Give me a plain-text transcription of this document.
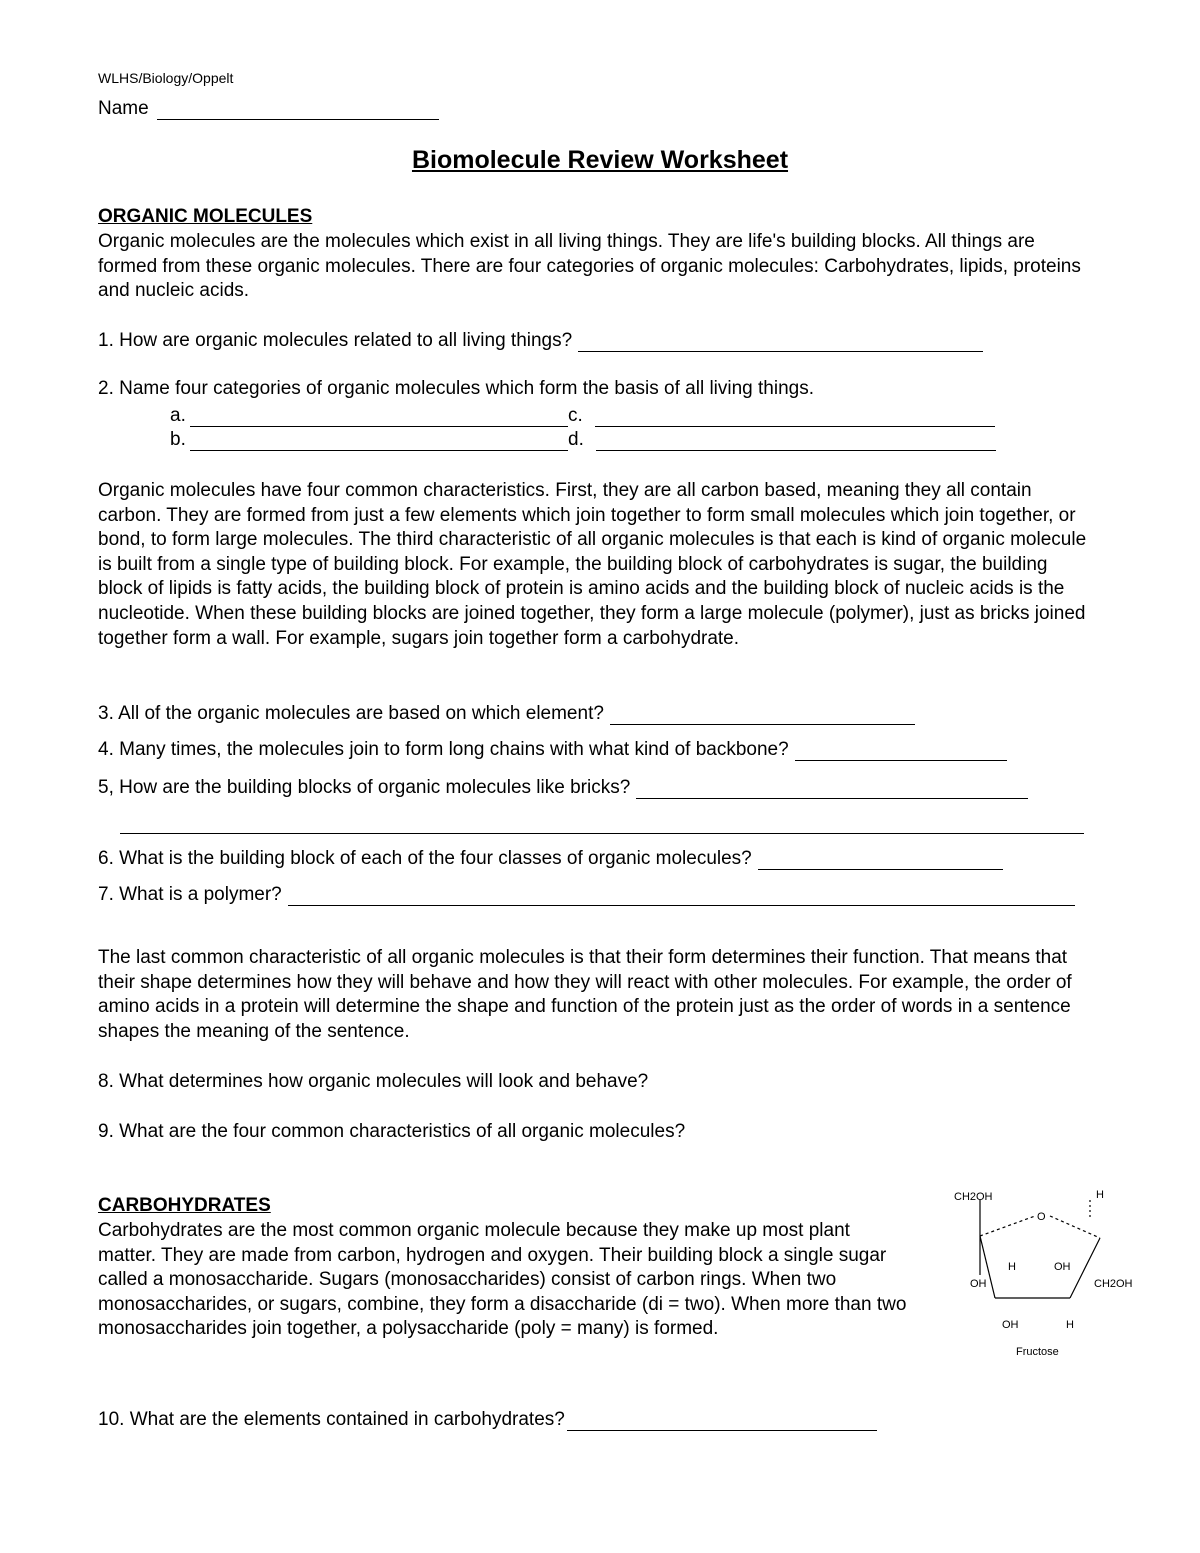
WLHS/Biology/Oppelt
Name
Biomolecule Review Worksheet
ORGANIC MOLECULES
Organic molecules are the molecules which exist in all living things. They are life's building blocks. All things are formed from these organic molecules. There are four categories of organic molecules: Carbohydrates, lipids, proteins and nucleic acids.
1. How are organic molecules related to all living things?
2. Name four categories of organic molecules which form the basis of all living things.
a.	c.
b.	d.
Organic molecules have four common characteristics. First, they are all carbon based, meaning they all contain carbon. They are formed from just a few elements which join together to form small molecules which join together, or bond, to form large molecules. The third characteristic of all organic molecules is that each is kind of organic molecule is built from a single type of building block. For example, the building block of carbohydrates is sugar, the building block of lipids is fatty acids, the building block of protein is amino acids and the building block of nucleic acids is the nucleotide. When these building blocks are joined together, they form a large molecule (polymer), just as bricks joined together form a wall. For example, sugars join together form a carbohydrate.
3. All of the organic molecules are based on which element?
4. Many times, the molecules join to form long chains with what kind of backbone?
5, How are the building blocks of organic molecules like bricks?
6. What is the building block of each of the four classes of organic molecules?
7. What is a polymer?
The last common characteristic of all organic molecules is that their form determines their function. That means that their shape determines how they will behave and how they will react with other molecules. For example, the order of amino acids in a protein will determine the shape and function of the protein just as the order of words in a sentence shapes the meaning of the sentence.
8. What determines how organic molecules will look and behave?
9. What are the four common characteristics of all organic molecules?
CARBOHYDRATES
Carbohydrates are the most common organic molecule because they make up most plant matter. They are made from carbon, hydrogen and oxygen. Their building block a single sugar called a monosaccharide. Sugars (monosaccharides) consist of carbon rings. When two monosaccharides, or sugars, combine, they form a disaccharide (di = two). When more than two monosaccharides join together, a polysaccharide (poly = many) is formed.
10. What are the elements contained in carbohydrates?
CH2OH	H
O
H	OH
OH	CH2OH
OH	H
Fructose
